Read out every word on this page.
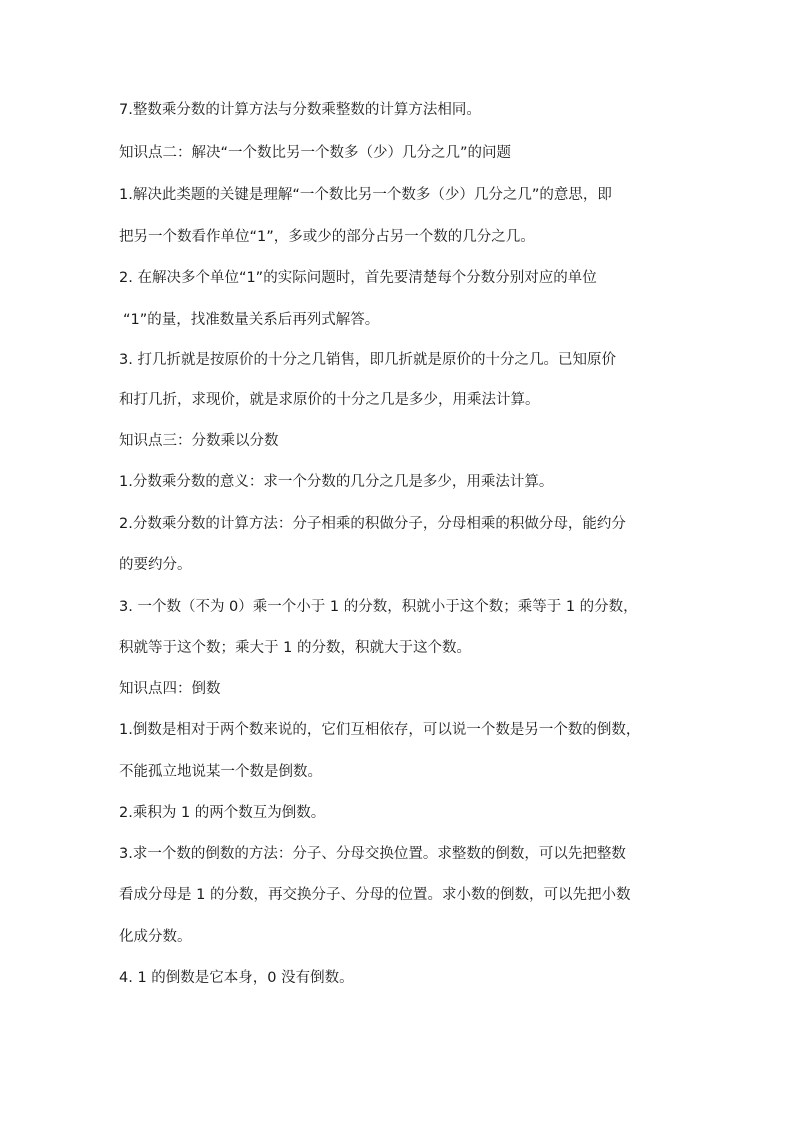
7.整数乘分数的计算方法与分数乘整数的计算方法相同。
知识点二：解决“一个数比另一个数多（少）几分之几”的问题
1.解决此类题的关键是理解“一个数比另一个数多（少）几分之几”的意思，即
把另一个数看作单位“1”，多或少的部分占另一个数的几分之几。
2. 在解决多个单位“1”的实际问题时，首先要清楚每个分数分别对应的单位
“1”的量，找准数量关系后再列式解答。
3. 打几折就是按原价的十分之几销售，即几折就是原价的十分之几。已知原价
和打几折，求现价，就是求原价的十分之几是多少，用乘法计算。
知识点三：分数乘以分数
1.分数乘分数的意义：求一个分数的几分之几是多少，用乘法计算。
2.分数乘分数的计算方法：分子相乘的积做分子，分母相乘的积做分母，能约分
的要约分。
3. 一个数（不为 0）乘一个小于 1 的分数，积就小于这个数；乘等于 1 的分数，
积就等于这个数；乘大于 1 的分数，积就大于这个数。
知识点四：倒数
1.倒数是相对于两个数来说的，它们互相依存，可以说一个数是另一个数的倒数，
不能孤立地说某一个数是倒数。
2.乘积为 1 的两个数互为倒数。
3.求一个数的倒数的方法：分子、分母交换位置。求整数的倒数，可以先把整数
看成分母是 1 的分数，再交换分子、分母的位置。求小数的倒数，可以先把小数
化成分数。
4. 1 的倒数是它本身，0 没有倒数。
